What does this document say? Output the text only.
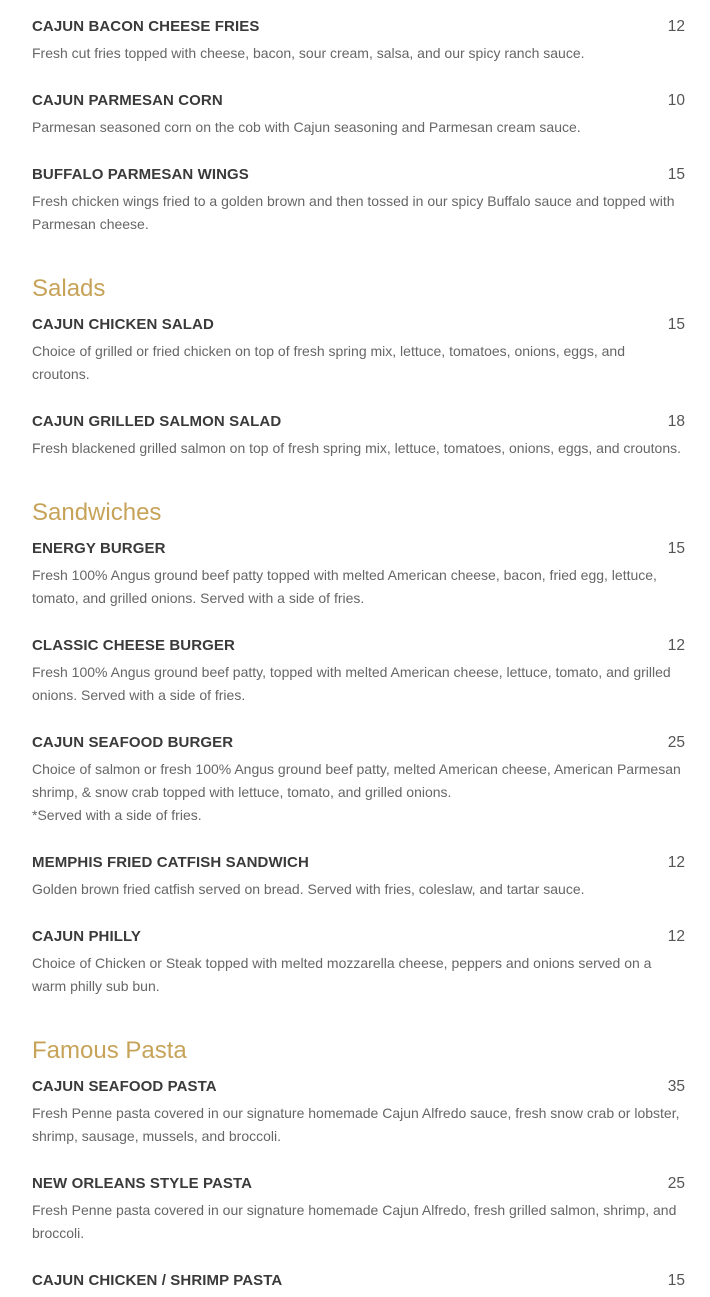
CAJUN BACON CHEESE FRIES	12
Fresh cut fries topped with cheese, bacon, sour cream, salsa, and our spicy ranch sauce.
CAJUN PARMESAN CORN	10
Parmesan seasoned corn on the cob with Cajun seasoning and Parmesan cream sauce.
BUFFALO PARMESAN WINGS	15
Fresh chicken wings fried to a golden brown and then tossed in our spicy Buffalo sauce and topped with Parmesan cheese.
Salads
CAJUN CHICKEN SALAD	15
Choice of grilled or fried chicken on top of fresh spring mix, lettuce, tomatoes, onions, eggs, and croutons.
CAJUN GRILLED SALMON SALAD	18
Fresh blackened grilled salmon on top of fresh spring mix, lettuce, tomatoes, onions, eggs, and croutons.
Sandwiches
ENERGY BURGER	15
Fresh 100% Angus ground beef patty topped with melted American cheese, bacon, fried egg, lettuce, tomato, and grilled onions. Served with a side of fries.
CLASSIC CHEESE BURGER	12
Fresh 100% Angus ground beef patty, topped with melted American cheese, lettuce, tomato, and grilled onions. Served with a side of fries.
CAJUN SEAFOOD BURGER	25
Choice of salmon or fresh 100% Angus ground beef patty, melted American cheese, American Parmesan shrimp, & snow crab topped with lettuce, tomato, and grilled onions.
*Served with a side of fries.
MEMPHIS FRIED CATFISH SANDWICH	12
Golden brown fried catfish served on bread. Served with fries, coleslaw, and tartar sauce.
CAJUN PHILLY	12
Choice of Chicken or Steak topped with melted mozzarella cheese, peppers and onions served on a warm philly sub bun.
Famous Pasta
CAJUN SEAFOOD PASTA	35
Fresh Penne pasta covered in our signature homemade Cajun Alfredo sauce, fresh snow crab or lobster, shrimp, sausage, mussels, and broccoli.
NEW ORLEANS STYLE PASTA	25
Fresh Penne pasta covered in our signature homemade Cajun Alfredo, fresh grilled salmon, shrimp, and broccoli.
CAJUN CHICKEN / SHRIMP PASTA	15
